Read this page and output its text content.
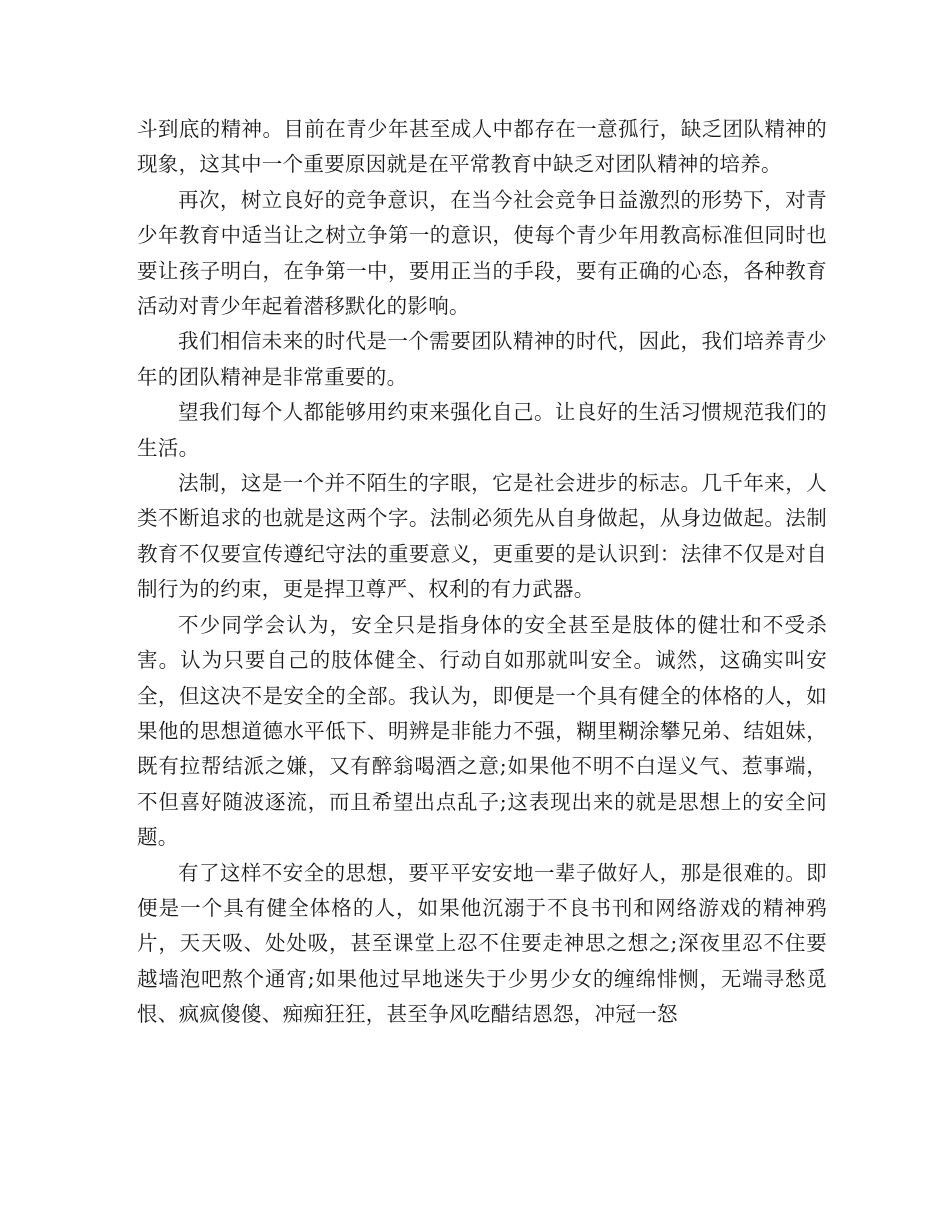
斗到底的精神。目前在青少年甚至成人中都存在一意孤行，缺乏团队精神的现象，这其中一个重要原因就是在平常教育中缺乏对团队精神的培养。

再次，树立良好的竞争意识，在当今社会竞争日益激烈的形势下，对青少年教育中适当让之树立争第一的意识，使每个青少年用教高标准但同时也要让孩子明白，在争第一中，要用正当的手段，要有正确的心态，各种教育活动对青少年起着潜移默化的影响。

我们相信未来的时代是一个需要团队精神的时代，因此，我们培养青少年的团队精神是非常重要的。

望我们每个人都能够用约束来强化自己。让良好的生活习惯规范我们的生活。

法制，这是一个并不陌生的字眼，它是社会进步的标志。几千年来，人类不断追求的也就是这两个字。法制必须先从自身做起，从身边做起。法制教育不仅要宣传遵纪守法的重要意义，更重要的是认识到：法律不仅是对自制行为的约束，更是捍卫尊严、权利的有力武器。

不少同学会认为，安全只是指身体的安全甚至是肢体的健壮和不受杀害。认为只要自己的肢体健全、行动自如那就叫安全。诚然，这确实叫安全，但这决不是安全的全部。我认为，即便是一个具有健全的体格的人，如果他的思想道德水平低下、明辨是非能力不强，糊里糊涂攀兄弟、结姐妹，既有拉帮结派之嫌，又有醉翁喝酒之意;如果他不明不白逞义气、惹事端，不但喜好随波逐流，而且希望出点乱子;这表现出来的就是思想上的安全问题。

有了这样不安全的思想，要平平安安地一辈子做好人，那是很难的。即便是一个具有健全体格的人，如果他沉溺于不良书刊和网络游戏的精神鸦片，天天吸、处处吸，甚至课堂上忍不住要走神思之想之;深夜里忍不住要越墙泡吧熬个通宵;如果他过早地迷失于少男少女的缠绵悱恻，无端寻愁觅恨、疯疯傻傻、痴痴狂狂，甚至争风吃醋结恩怨，冲冠一怒
